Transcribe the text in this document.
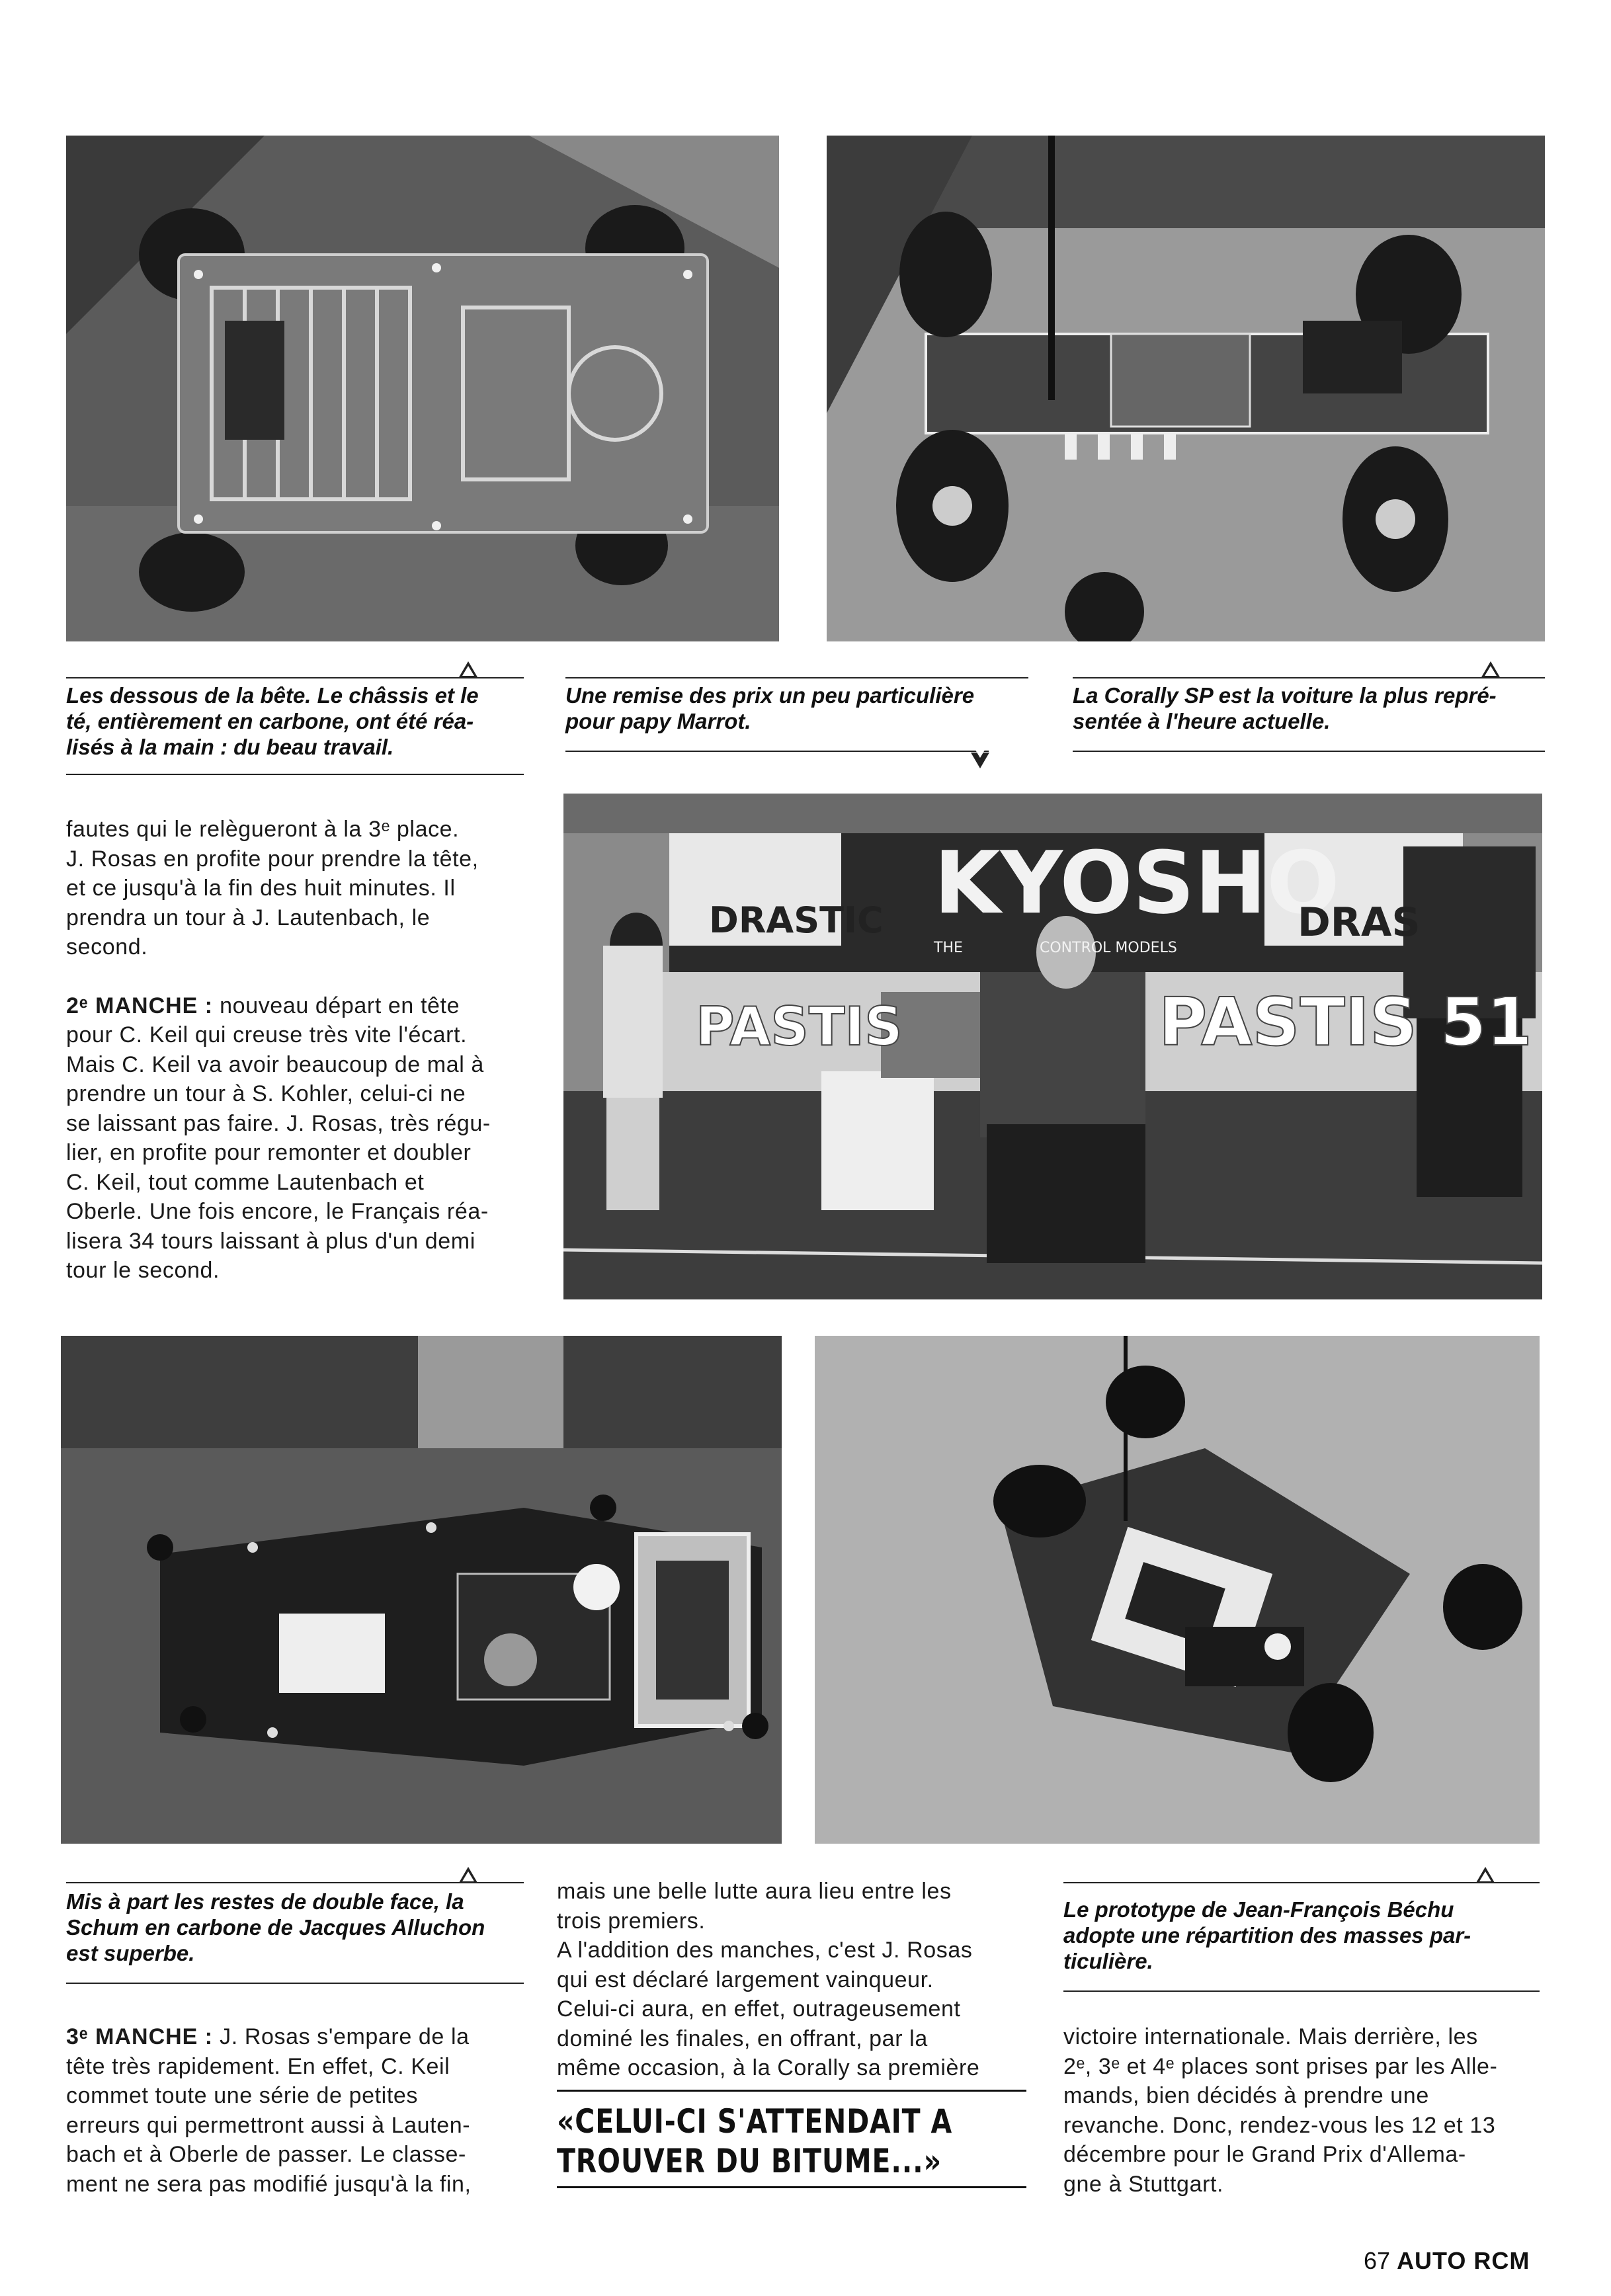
Les dessous de la bête. Le châssis et le
té, entièrement en carbone, ont été réa-
lisés à la main : du beau travail.
Une remise des prix un peu particulière
pour papy Marrot.
La Corally SP est la voiture la plus repré-
sentée à l'heure actuelle.

fautes qui le relègueront à la 3ᵉ place.

J. Rosas en profite pour prendre la tête,

et ce jusqu'à la fin des huit minutes. Il

prendra un tour à J. Lautenbach, le

second.

2ᵉ MANCHE : nouveau départ en tête

pour C. Keil qui creuse très vite l'écart.

Mais C. Keil va avoir beaucoup de mal à

prendre un tour à S. Kohler, celui-ci ne

se laissant pas faire. J. Rosas, très régu-

lier, en profite pour remonter et doubler

C. Keil, tout comme Lautenbach et

Oberle. Une fois encore, le Français réa-

lisera 34 tours laissant à plus d'un demi

tour le second.

KYOSHO
CONTROL MODELS
THE
DRASTIC	DRAS
PASTIS	PASTIS 51
Mis à part les restes de double face, la
Schum en carbone de Jacques Alluchon
est superbe.
Le prototype de Jean-François Béchu
adopte une répartition des masses par-
ticulière.

3ᵉ MANCHE : J. Rosas s'empare de la

tête très rapidement. En effet, C. Keil

commet toute une série de petites

erreurs qui permettront aussi à Lauten-

bach et à Oberle de passer. Le classe-

ment ne sera pas modifié jusqu'à la fin,

mais une belle lutte aura lieu entre les

trois premiers.

A l'addition des manches, c'est J. Rosas

qui est déclaré largement vainqueur.

Celui-ci aura, en effet, outrageusement

dominé les finales, en offrant, par la

même occasion, à la Corally sa première

«CELUI-CI S'ATTENDAIT A
TROUVER DU BITUME...»

victoire internationale. Mais derrière, les

2ᵉ, 3ᵉ et 4ᵉ places sont prises par les Alle-

mands, bien décidés à prendre une

revanche. Donc, rendez-vous les 12 et 13

décembre pour le Grand Prix d'Allema-

gne à Stuttgart.

67 AUTO RCM
